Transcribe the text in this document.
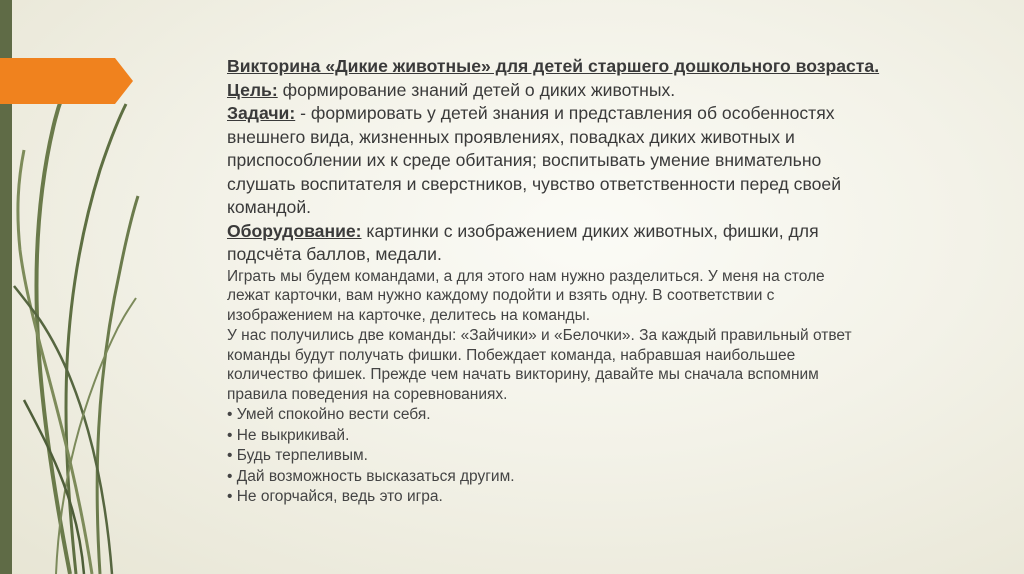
Викторина «Дикие животные» для детей старшего дошкольного возраста.

Цель: формирование знаний детей о диких животных.

Задачи: - формировать у детей знания и представления об особенностях

внешнего вида, жизненных проявлениях, повадках диких животных и

приспособлении их к среде обитания; воспитывать умение внимательно

слушать воспитателя и сверстников, чувство ответственности перед своей

командой.

Оборудование: картинки с изображением диких животных, фишки, для

подсчёта баллов, медали.

Играть мы будем командами, а для этого нам нужно разделиться. У меня на столе

лежат карточки, вам нужно каждому подойти и взять одну. В соответствии с

изображением на карточке, делитесь на команды.

У нас получились две команды: «Зайчики» и «Белочки». За каждый правильный ответ

команды будут получать фишки. Побеждает команда, набравшая наибольшее

количество фишек. Прежде чем начать викторину, давайте мы сначала вспомним

правила поведения на соревнованиях.

• Умей спокойно вести себя.

• Не выкрикивай.

• Будь терпеливым.

• Дай возможность высказаться другим.

• Не огорчайся, ведь это игра.
